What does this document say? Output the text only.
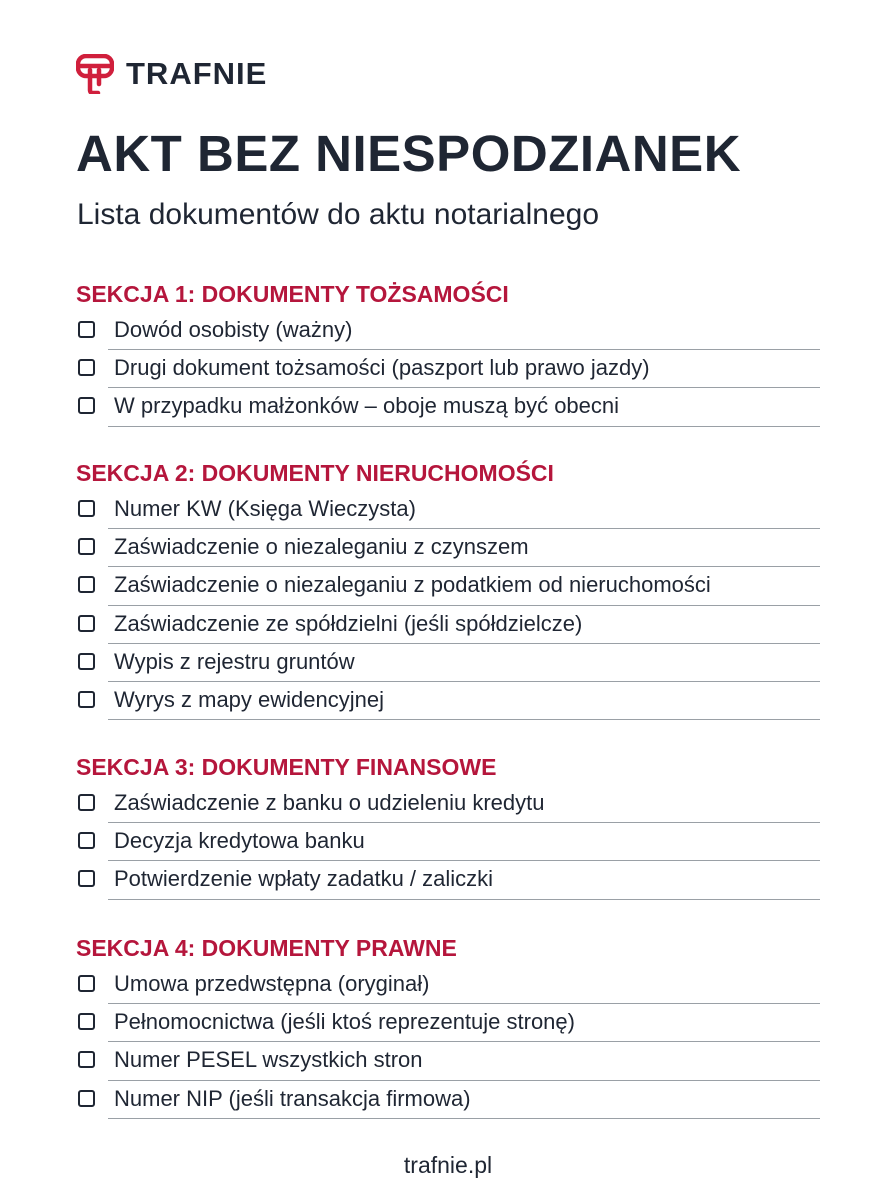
TRAFNIE
AKT BEZ NIESPODZIANEK

Lista dokumentów do aktu notarialnego

SEKCJA 1: DOKUMENTY TOŻSAMOŚCI
Dowód osobisty (ważny)
Drugi dokument tożsamości (paszport lub prawo jazdy)
W przypadku małżonków – oboje muszą być obecni
SEKCJA 2: DOKUMENTY NIERUCHOMOŚCI
Numer KW (Księga Wieczysta)
Zaświadczenie o niezaleganiu z czynszem
Zaświadczenie o niezaleganiu z podatkiem od nieruchomości
Zaświadczenie ze spółdzielni (jeśli spółdzielcze)
Wypis z rejestru gruntów
Wyrys z mapy ewidencyjnej
SEKCJA 3: DOKUMENTY FINANSOWE
Zaświadczenie z banku o udzieleniu kredytu
Decyzja kredytowa banku
Potwierdzenie wpłaty zadatku / zaliczki
SEKCJA 4: DOKUMENTY PRAWNE
Umowa przedwstępna (oryginał)
Pełnomocnictwa (jeśli ktoś reprezentuje stronę)
Numer PESEL wszystkich stron
Numer NIP (jeśli transakcja firmowa)
trafnie.pl
